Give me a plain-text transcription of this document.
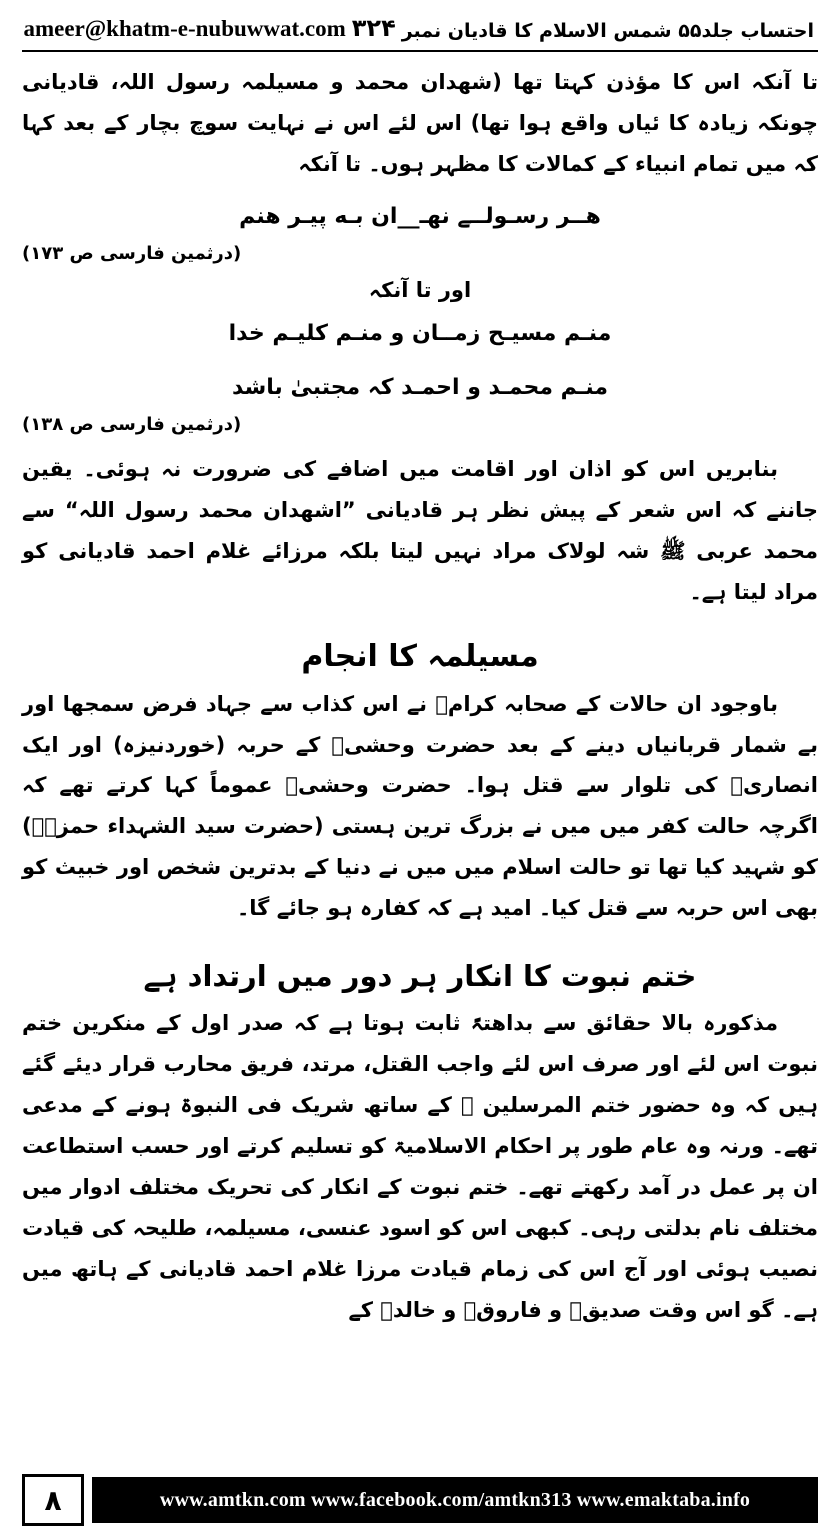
احتساب جلد۵۵ شمس الاسلام کا قادیان نمبر
۳۲۴
ameer@khatm-e-nubuwwat.com

تا آنکہ اس کا مؤذن کہتا تھا (شھدان محمد و مسیلمہ رسول اللہ، قادیانی چونکہ زیادہ کا ئیاں واقع ہوا تھا) اس لئے اس نے نہایت سوچ بچار کے بعد کہا کہ میں تمام انبیاء کے کمالات کا مظہر ہوں۔ تا آنکہ

هــر رسـولــے نهـ__ان بـه پيـر هنم
(درثمین فارسی ص ۱۷۳)
اور تا آنکہ
منـم مسیـح زمــان و منـم کلیـم خدا
منـم محمـد و احمـد کہ مجتبیٰ باشد
(درثمین فارسی ص ۱۳۸)

بنابریں اس کو اذان اور اقامت میں اضافے کی ضرورت نہ ہوئی۔ یقین جاننے کہ اس شعر کے پیش نظر ہر قادیانی ”اشھدان محمد رسول اللہ“ سے محمد عربی ﷺ شہ لولاک مراد نہیں لیتا بلکہ مرزائے غلام احمد قادیانی کو مراد لیتا ہے۔

مسیلمہ کا انجام

باوجود ان حالات کے صحابہ کرامؓ نے اس کذاب سے جہاد فرض سمجھا اور بے شمار قربانیاں دینے کے بعد حضرت وحشیؓ کے حربہ (خوردنیزہ) اور ایک انصاریؓ کی تلوار سے قتل ہوا۔ حضرت وحشیؓ عموماً کہا کرتے تھے کہ اگرچہ حالت کفر میں میں نے بزرگ ترین ہستی (حضرت سید الشہداء حمزہؓ) کو شہید کیا تھا تو حالت اسلام میں میں نے دنیا کے بدترین شخص اور خبیث کو بھی اس حربہ سے قتل کیا۔ امید ہے کہ کفارہ ہو جائے گا۔

ختم نبوت کا انکار ہر دور میں ارتداد ہے

مذکورہ بالا حقائق سے بداھتہً ثابت ہوتا ہے کہ صدر اول کے منکرین ختم نبوت اس لئے اور صرف اس لئے واجب القتل، مرتد، فریق محارب قرار دیئے گئے ہیں کہ وہ حضور ختم المرسلین ﷺ کے ساتھ شریک فی النبوۃ ہونے کے مدعی تھے۔ ورنہ وہ عام طور پر احکام الاسلامیۃ کو تسلیم کرتے اور حسب استطاعت ان پر عمل در آمد رکھتے تھے۔ ختم نبوت کے انکار کی تحریک مختلف ادوار میں مختلف نام بدلتی رہی۔ کبھی اس کو اسود عنسی، مسیلمہ، طلیحہ کی قیادت نصیب ہوئی اور آج اس کی زمام قیادت مرزا غلام احمد قادیانی کے ہاتھ میں ہے۔ گو اس وقت صدیقؓ و فاروقؓ و خالدؓ کے

۸	www.amtkn.com www.facebook.com/amtkn313 www.emaktaba.info
